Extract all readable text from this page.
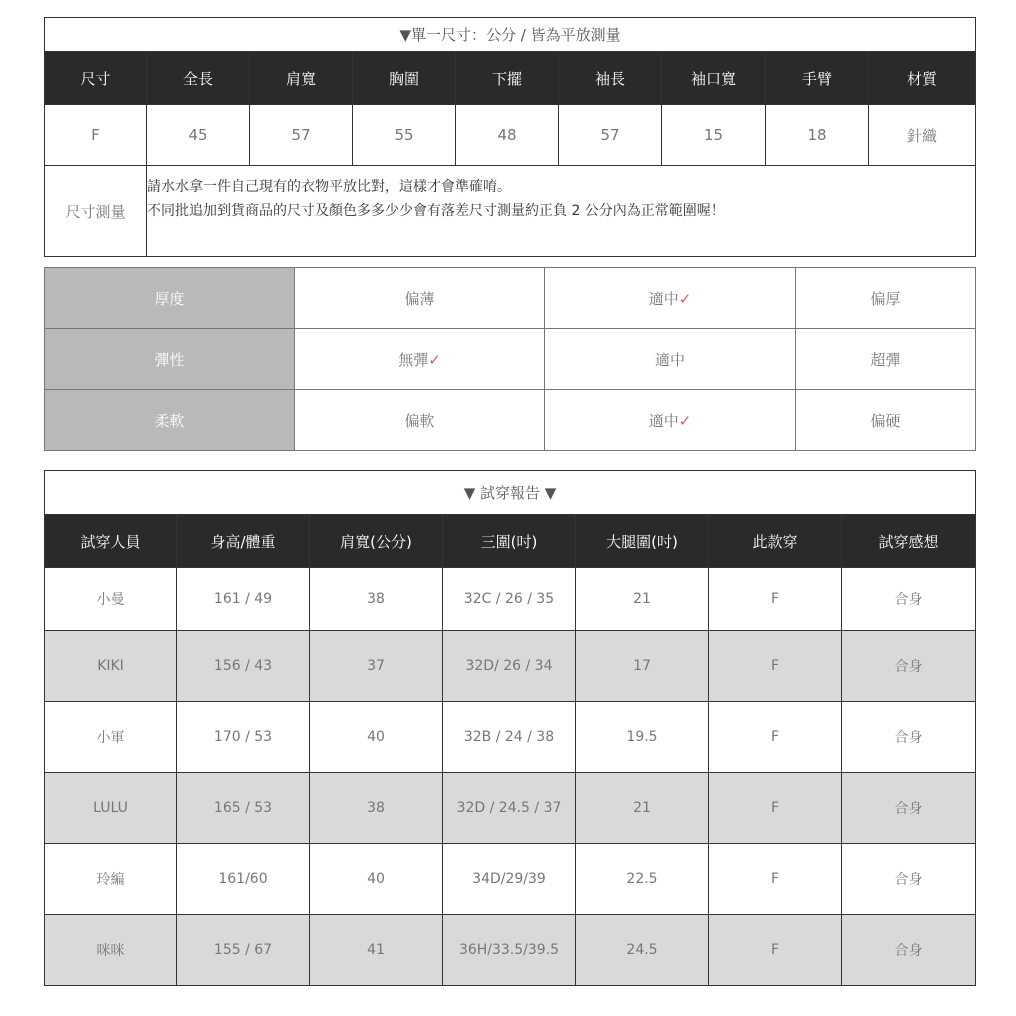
▼單一尺寸：公分 / 皆為平放測量								
尺寸	全長	肩寬	胸圍	下擺	袖長	袖口寬	手臂	材質
F	45	57	55	48	57	15	18	針織
尺寸測量	請水水拿一件自己現有的衣物平放比對，這樣才會準確唷。
不同批追加到貨商品的尺寸及顏色多多少少會有落差尺寸測量約正負 2 公分內為正常範圍喔！							
厚度	偏薄	適中✓	偏厚
彈性	無彈✓	適中	超彈
柔軟	偏軟	適中✓	偏硬
▼ 試穿報告 ▼						
試穿人員	身高/體重	肩寬(公分)	三圍(吋)	大腿圍(吋)	此款穿	試穿感想
小曼	161 / 49	38	32C / 26 / 35	21	F	合身
KIKI	156 / 43	37	32D/ 26 / 34	17	F	合身
小軍	170 / 53	40	32B / 24 / 38	19.5	F	合身
LULU	165 / 53	38	32D / 24.5 / 37	21	F	合身
玲編	161/60	40	34D/29/39	22.5	F	合身
咪咪	155 / 67	41	36H/33.5/39.5	24.5	F	合身
